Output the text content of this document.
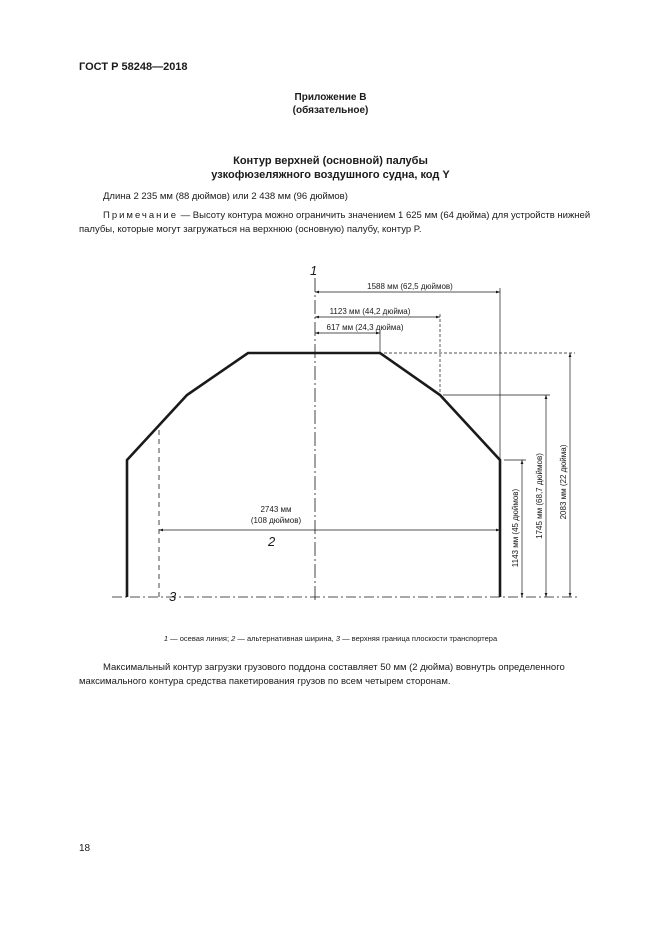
ГОСТ Р 58248—2018
Приложение В
(обязательное)
Контур верхней (основной) палубы
узкофюзеляжного воздушного судна, код Y
Длина 2 235 мм (88 дюймов) или 2 438 мм (96 дюймов)
Примечание — Высоту контура можно ограничить значением 1 625 мм (64 дюйма) для устройств нижней палубы, которые могут загружаться на верхнюю (основную) палубу, контур P.
1
2
3
1588 мм (62,5 дюймов)
1123 мм (44,2 дюйма)
617 мм (24,3 дюйма)
2743 мм
(108 дюймов)	1143 мм (45 дюймов) 1745 мм (68,7 дюймов) 2083 мм (22 дюйма)
1 — осевая линия; 2 — альтернативная ширина, 3 — верхняя граница плоскости транспортера
Максимальный контур загрузки грузового поддона составляет 50 мм (2 дюйма) вовнутрь определенного максимального контура средства пакетирования грузов по всем четырем сторонам.
18
